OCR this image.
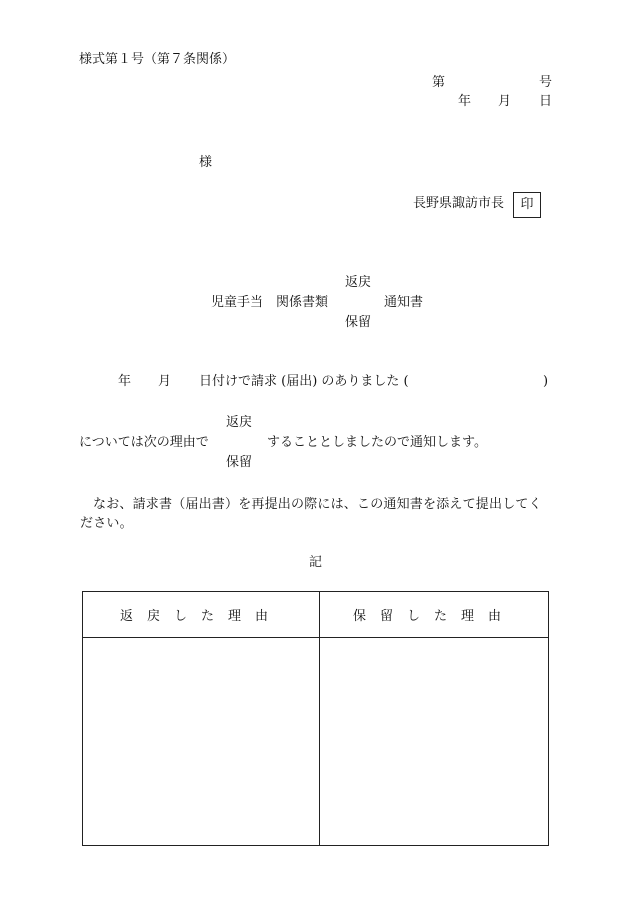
様式第１号（第７条関係）
第	号
年 月 日
様
長野県諏訪市長	印
返戻
児童手当　関係書類	通知書
保留
年 月 日付けで請求 (届出) のありました (	)
返戻
については次の理由で	することとしましたので通知します。
保留
なお、請求書（届出書）を再提出の際には、この通知書を添えて提出してください。
記
返戻した理由	保留した理由
